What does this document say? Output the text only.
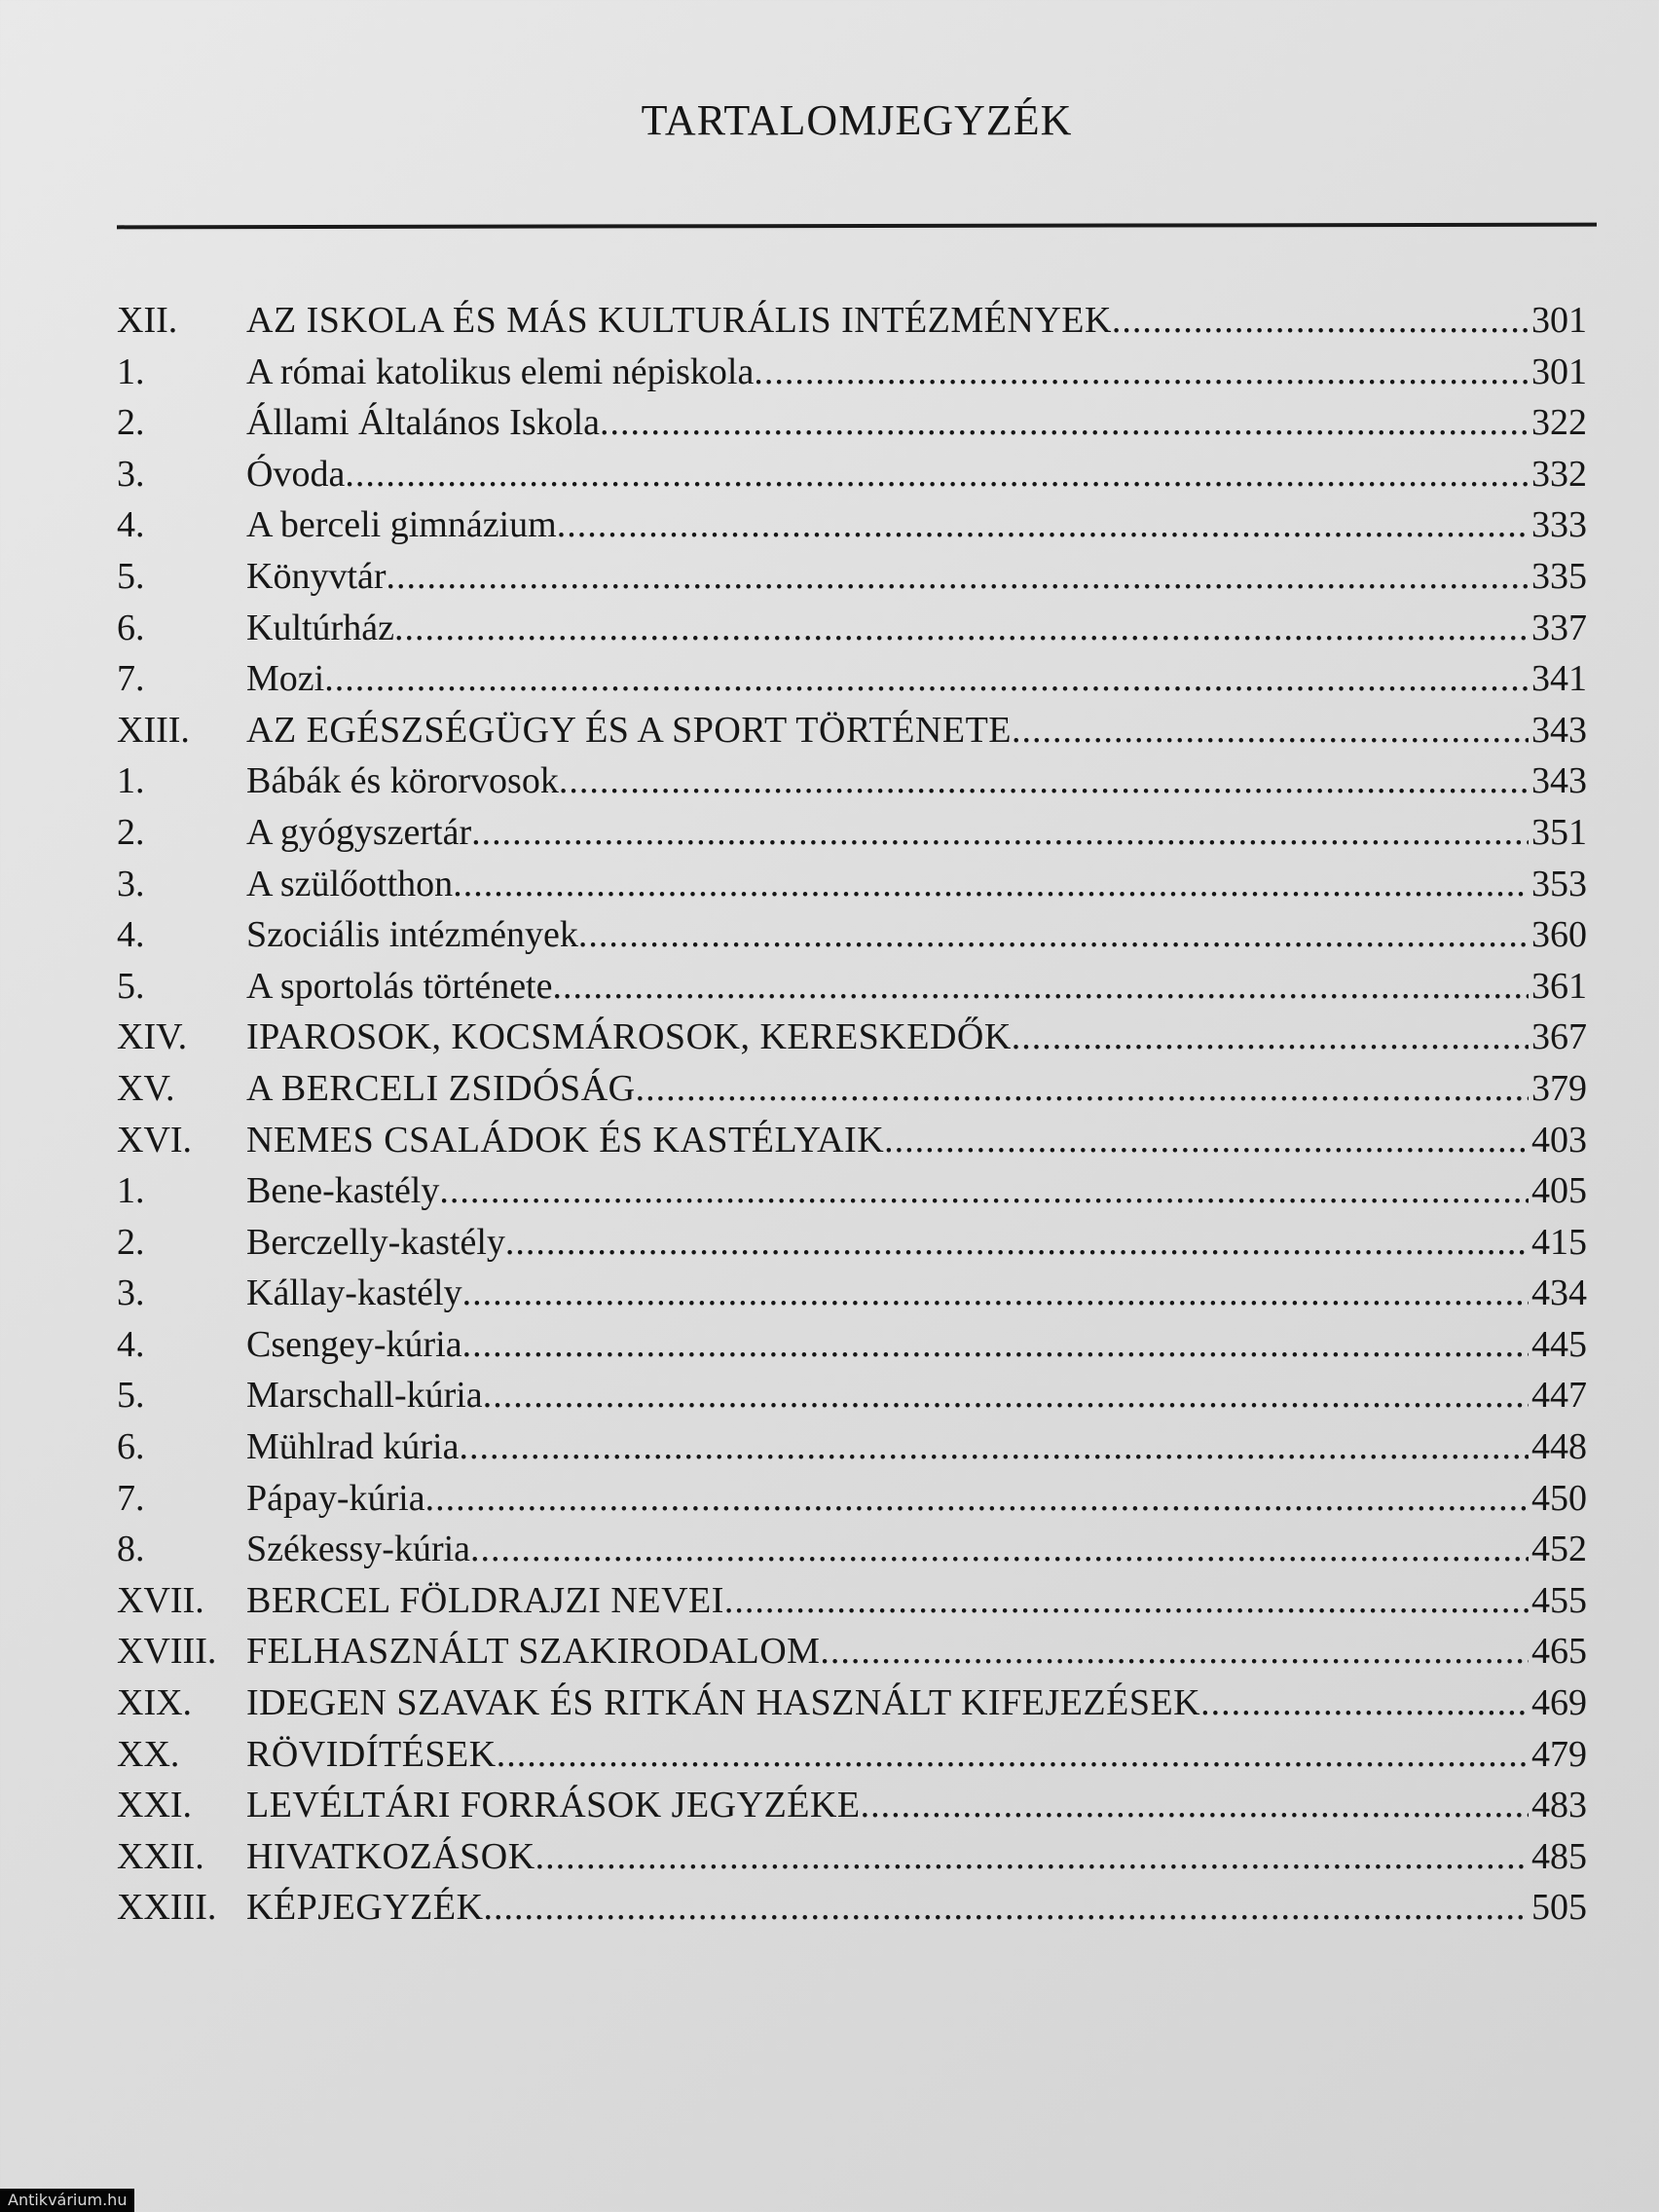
TARTALOMJEGYZÉK
XII.	AZ ISKOLA ÉS MÁS KULTURÁLIS INTÉZMÉNYEK .....	301
1.	A római katolikus elemi népiskola .....	301
2.	Állami Általános Iskola .....	322
3.	Óvoda .....	332
4.	A berceli gimnázium .....	333
5.	Könyvtár .....	335
6.	Kultúrház .....	337
7.	Mozi .....	341
XIII.	AZ EGÉSZSÉGÜGY ÉS A SPORT TÖRTÉNETE .....	343
1.	Bábák és körorvosok .....	343
2.	A gyógyszertár .....	351
3.	A szülőotthon .....	353
4.	Szociális intézmények .....	360
5.	A sportolás története .....	361
XIV.	IPAROSOK, KOCSMÁROSOK, KERESKEDŐK .....	367
XV.	A BERCELI ZSIDÓSÁG .....	379
XVI.	NEMES CSALÁDOK ÉS KASTÉLYAIK .....	403
1.	Bene-kastély .....	405
2.	Berczelly-kastély .....	415
3.	Kállay-kastély .....	434
4.	Csengey-kúria .....	445
5.	Marschall-kúria .....	447
6.	Mühlrad kúria .....	448
7.	Pápay-kúria .....	450
8.	Székessy-kúria .....	452
XVII.	BERCEL FÖLDRAJZI NEVEI .....	455
XVIII. FELHASZNÁLT SZAKIRODALOM .....	465
XIX.	IDEGEN SZAVAK ÉS RITKÁN HASZNÁLT KIFEJEZÉSEK .....	469
XX.	RÖVIDÍTÉSEK .....	479
XXI.	LEVÉLTÁRI FORRÁSOK JEGYZÉKE .....	483
XXII.	HIVATKOZÁSOK .....	485
XXIII. KÉPJEGYZÉK .....	505
Antikvárium.hu
